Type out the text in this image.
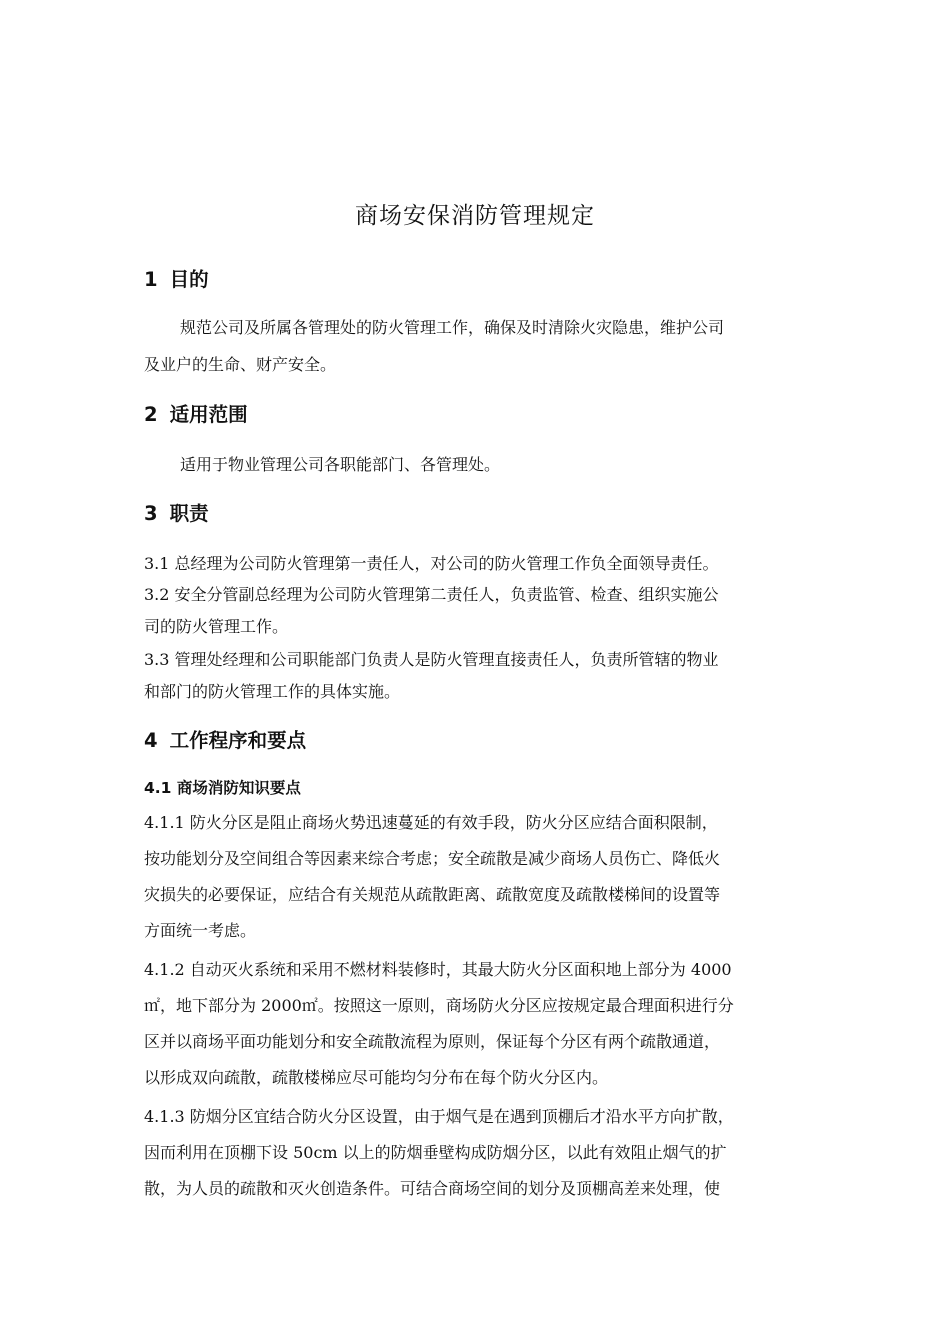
商场安保消防管理规定
1 目的
规范公司及所属各管理处的防火管理工作，确保及时清除火灾隐患，维护公司
及业户的生命、财产安全。
2 适用范围
适用于物业管理公司各职能部门、各管理处。
3 职责
3.1 总经理为公司防火管理第一责任人，对公司的防火管理工作负全面领导责任。
3.2 安全分管副总经理为公司防火管理第二责任人，负责监管、检查、组织实施公
司的防火管理工作。
3.3 管理处经理和公司职能部门负责人是防火管理直接责任人，负责所管辖的物业
和部门的防火管理工作的具体实施。
4 工作程序和要点
4.1 商场消防知识要点
4.1.1 防火分区是阻止商场火势迅速蔓延的有效手段，防火分区应结合面积限制，
按功能划分及空间组合等因素来综合考虑；安全疏散是减少商场人员伤亡、降低火
灾损失的必要保证，应结合有关规范从疏散距离、疏散宽度及疏散楼梯间的设置等
方面统一考虑。
4.1.2 自动灭火系统和采用不燃材料装修时，其最大防火分区面积地上部分为 4000
㎡，地下部分为 2000㎡。按照这一原则，商场防火分区应按规定最合理面积进行分
区并以商场平面功能划分和安全疏散流程为原则，保证每个分区有两个疏散通道，
以形成双向疏散，疏散楼梯应尽可能均匀分布在每个防火分区内。
4.1.3 防烟分区宜结合防火分区设置，由于烟气是在遇到顶棚后才沿水平方向扩散，
因而利用在顶棚下设 50cm 以上的防烟垂壁构成防烟分区，以此有效阻止烟气的扩
散，为人员的疏散和灭火创造条件。可结合商场空间的划分及顶棚高差来处理，使
